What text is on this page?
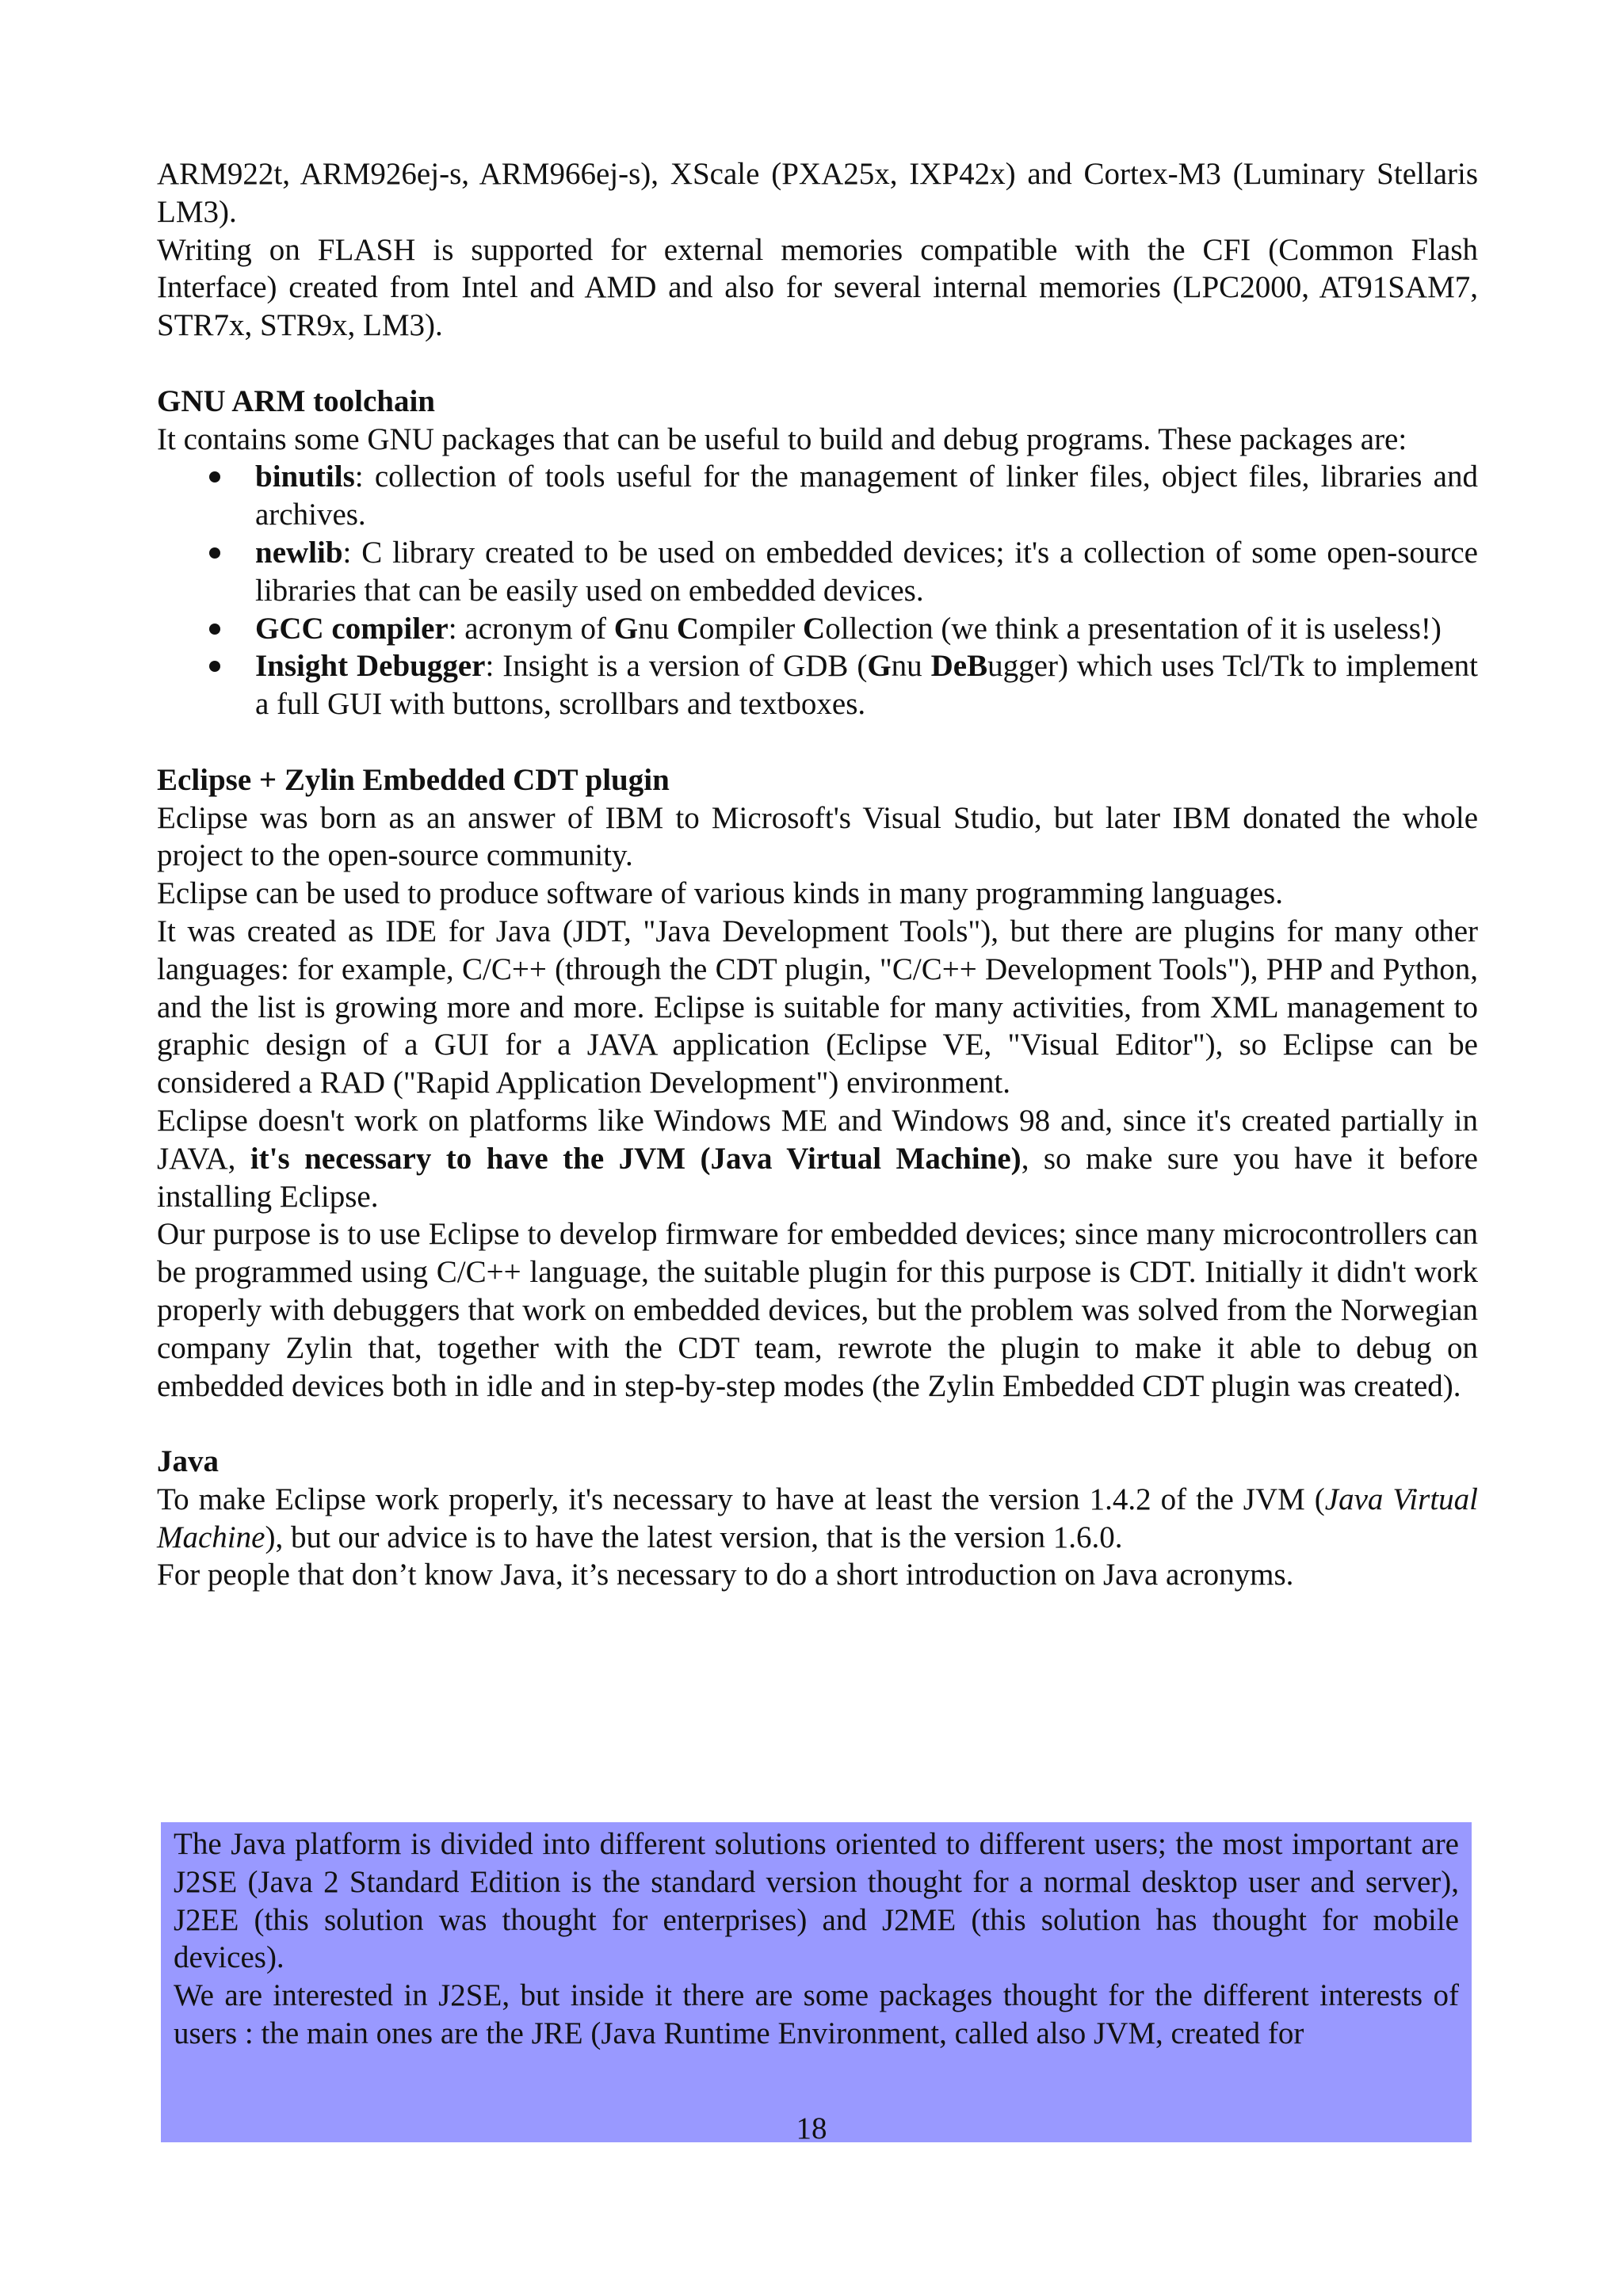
ARM922t, ARM926ej-s, ARM966ej-s), XScale (PXA25x, IXP42x) and Cortex-M3 (Luminary Stellaris LM3).

Writing on FLASH is supported for external memories compatible with the CFI (Common Flash Interface) created from Intel and AMD and also for several internal memories (LPC2000, AT91SAM7, STR7x, STR9x, LM3).

GNU ARM toolchain

It contains some GNU packages that can be useful to build and debug programs. These packages are:

binutils: collection of tools useful for the management of linker files, object files, libraries and archives.
newlib: C library created to be used on embedded devices; it's a collection of some open-source libraries that can be easily used on embedded devices.
GCC compiler: acronym of Gnu Compiler Collection (we think a presentation of it is useless!)
Insight Debugger: Insight is a version of GDB (Gnu DeBugger) which uses Tcl/Tk to implement a full GUI with buttons, scrollbars and textboxes.
Eclipse + Zylin Embedded CDT plugin

Eclipse was born as an answer of IBM to Microsoft's Visual Studio, but later IBM donated the whole project to the open-source community.

Eclipse can be used to produce software of various kinds in many programming languages.

It was created as IDE for Java (JDT, "Java Development Tools"), but there are plugins for many other languages: for example, C/C++ (through the CDT plugin, "C/C++ Development Tools"), PHP and Python, and the list is growing more and more. Eclipse is suitable for many activities, from XML management to graphic design of a GUI for a JAVA application (Eclipse VE, "Visual Editor"), so Eclipse can be considered a RAD ("Rapid Application Development") environment.

Eclipse doesn't work on platforms like Windows ME and Windows 98 and, since it's created partially in JAVA, it's necessary to have the JVM (Java Virtual Machine), so make sure you have it before installing Eclipse.

Our purpose is to use Eclipse to develop firmware for embedded devices; since many microcontrollers can be programmed using C/C++ language, the suitable plugin for this purpose is CDT. Initially it didn't work properly with debuggers that work on embedded devices, but the problem was solved from the Norwegian company Zylin that, together with the CDT team, rewrote the plugin to make it able to debug on embedded devices both in idle and in step-by-step modes (the Zylin Embedded CDT plugin was created).

Java

To make Eclipse work properly, it's necessary to have at least the version 1.4.2 of the JVM (Java Virtual Machine), but our advice is to have the latest version, that is the version 1.6.0.

For people that don’t know Java, it’s necessary to do a short introduction on Java acronyms.

The Java platform is divided into different solutions oriented to different users; the most important are J2SE (Java 2 Standard Edition is the standard version thought for a normal desktop user and server), J2EE (this solution was thought for enterprises) and J2ME (this solution has thought for mobile devices).

We are interested in J2SE, but inside it there are some packages thought for the different interests of users : the main ones are the JRE (Java Runtime Environment, called also JVM, created for

18
